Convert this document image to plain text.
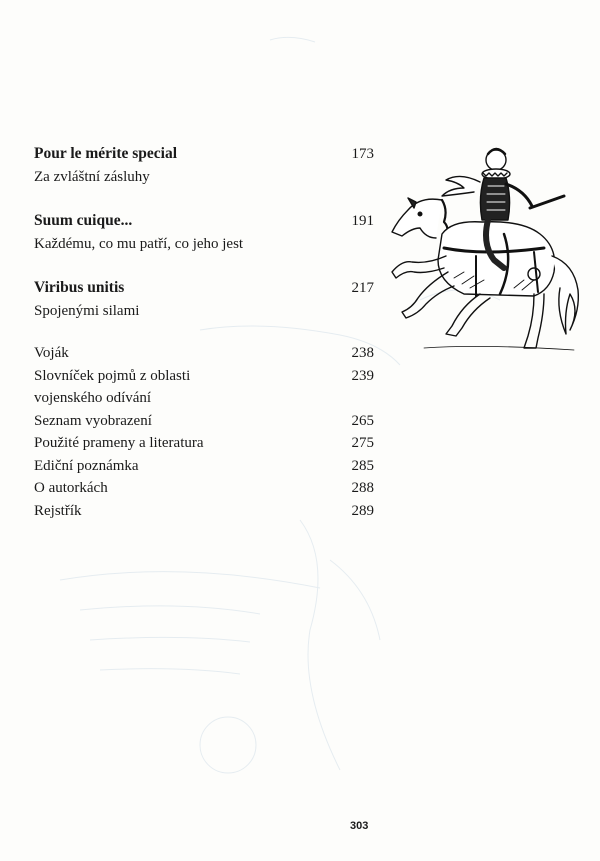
Pour le mérite special	173
Za zvláštní zásluhy
Suum cuique...	191
Každému, co mu patří, co jeho jest
Viribus unitis	217
Spojenými silami
Voják	238
Slovníček pojmů z oblasti	239
vojenského odívání
Seznam vyobrazení	265
Použité prameny a literatura	275
Ediční poznámka	285
O autorkách	288
Rejstřík	289
303
